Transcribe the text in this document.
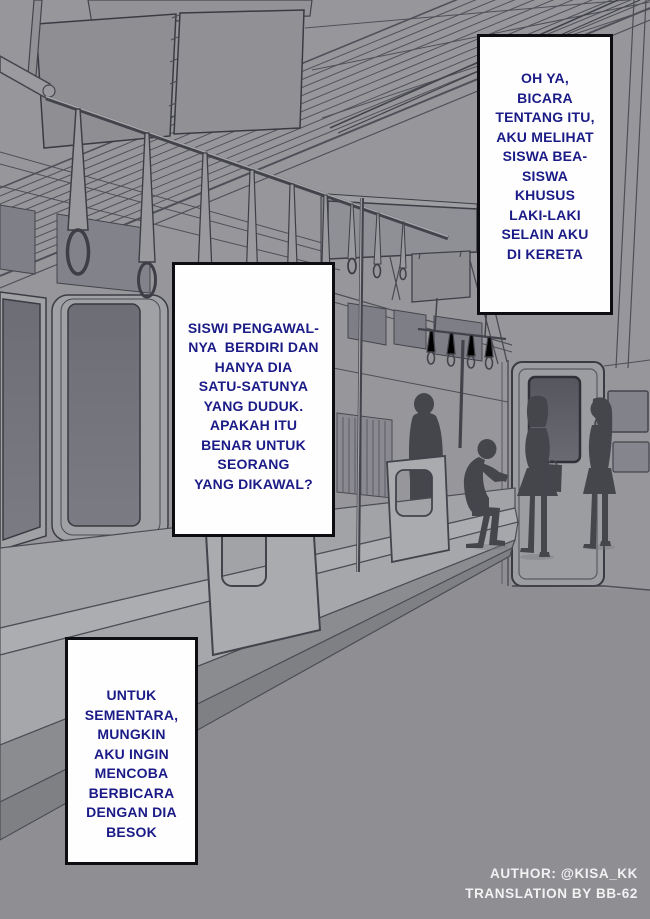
OH YA,
BICARA
TENTANG ITU,
AKU MELIHAT
SISWA BEA-
SISWA
KHUSUS
LAKI-LAKI
SELAIN AKU
DI KERETA
SISWI PENGAWAL-
NYA  BERDIRI DAN
HANYA DIA
SATU-SATUNYA
YANG DUDUK.
APAKAH ITU
BENAR UNTUK
SEORANG
YANG DIKAWAL?
UNTUK
SEMENTARA,
MUNGKIN
AKU INGIN
MENCOBA
BERBICARA
DENGAN DIA
BESOK
AUTHOR: @KISA_KK
TRANSLATION BY BB-62
